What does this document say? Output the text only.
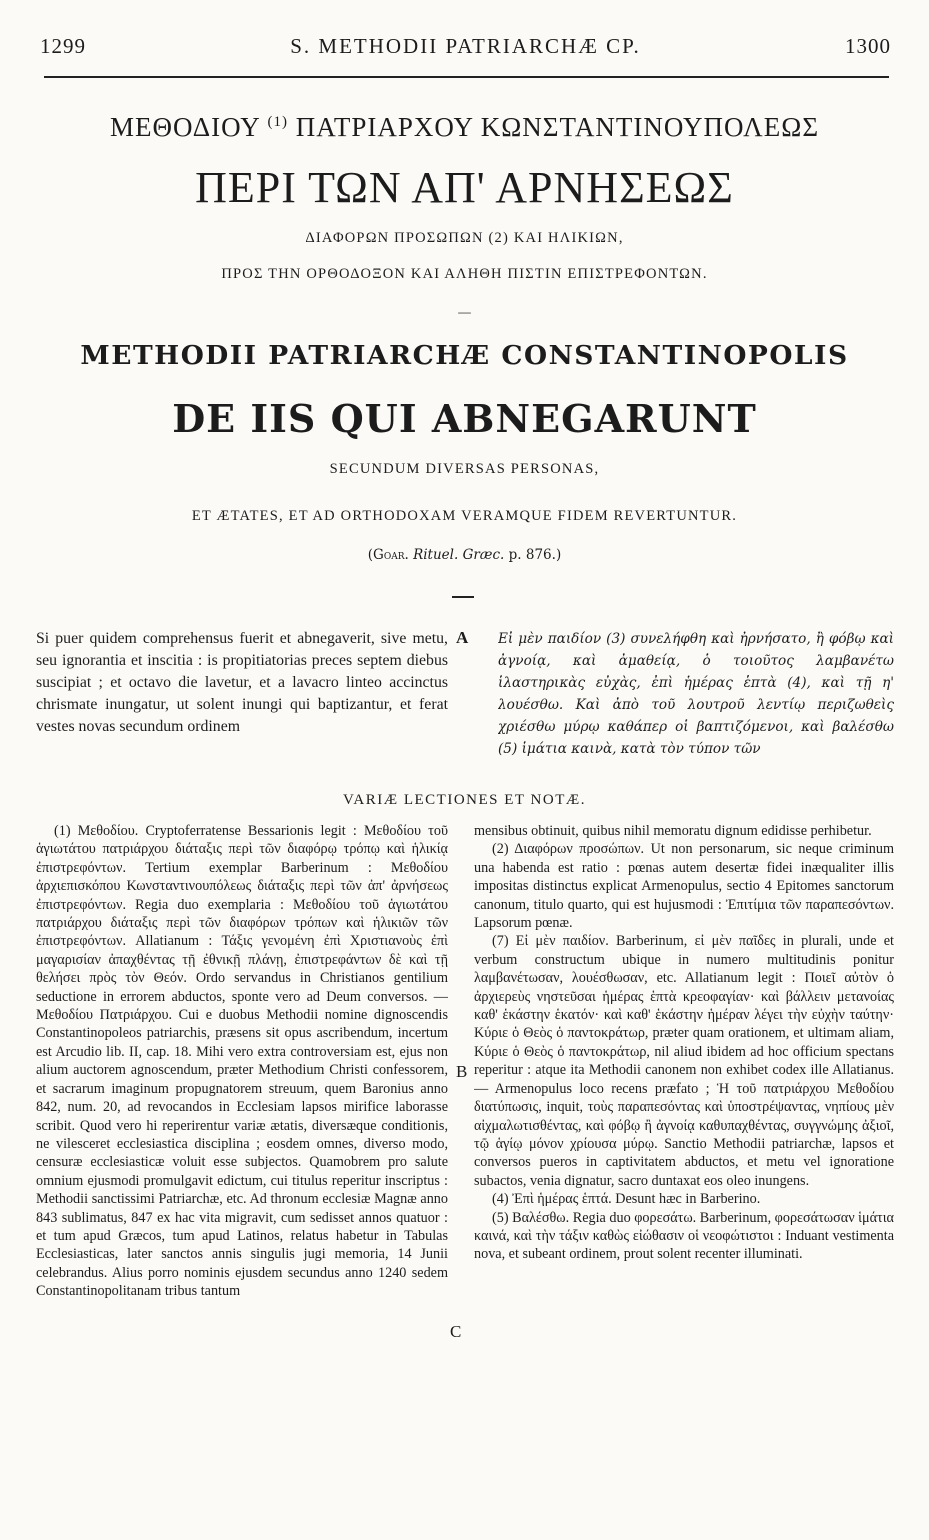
1299	S. METHODII PATRIARCHÆ CP.	1300
ΜΕΘΟΔΙΟΥ $^{(1)}$ ΠΑΤΡΙΑΡΧΟΥ ΚΩΝΣΤΑΝΤΙΝΟΥΠΟΛΕΩΣ
ΠΕΡΙ ΤΩΝ ΑΠ' ΑΡΝΗΣΕΩΣ
ΔΙΑΦΟΡΩΝ ΠΡΟΣΩΠΩΝ (2) ΚΑΙ ΗΛΙΚΙΩΝ,
ΠΡΟΣ ΤΗΝ ΟΡΘΟΔΟΞΟΝ ΚΑΙ ΑΛΗΘΗ ΠΙΣΤΙΝ ΕΠΙΣΤΡΕΦΟΝΤΩΝ.
—
METHODII PATRIARCHÆ CONSTANTINOPOLIS
DE IIS QUI ABNEGARUNT
SECUNDUM DIVERSAS PERSONAS,
ET ÆTATES, ET AD ORTHODOXAM VERAMQUE FIDEM REVERTUNTUR.
(Goar. Rituel. Græc. p. 876.)
Si puer quidem comprehensus fuerit et abnegaverit, sive metu, seu ignorantia et inscitia : is propitiatorias preces septem diebus suscipiat ; et octavo die lavetur, et a lavacro linteo accinctus chrismate inungatur, ut solent inungi qui baptizantur, et ferat vestes novas secundum ordinem
A Εἰ μὲν παιδίον (3) συνελήφθη καὶ ἠρνήσατο, ἢ φόβῳ καὶ ἀγνοίᾳ, καὶ ἀμαθείᾳ, ὁ τοιοῦτος λαμβανέτω ἱλαστηρικὰς εὐχὰς, ἐπὶ ἡμέρας ἑπτὰ (4), καὶ τῇ η' λουέσθω. Καὶ ἀπὸ τοῦ λουτροῦ λεντίῳ περιζωθεὶς χριέσθω μύρῳ καθάπερ οἱ βαπτιζόμενοι, καὶ βαλέσθω (5) ἱμάτια καινὰ, κατὰ τὸν τύπον τῶν
VARIÆ LECTIONES ET NOTÆ.

(1) Μεθοδίου. Cryptoferratense Bessarionis legit : Μεθοδίου τοῦ ἁγιωτάτου πατριάρχου διάταξις περὶ τῶν διαφόρῳ τρόπῳ καὶ ἡλικίᾳ ἐπιστρεφόντων. Tertium exemplar Barberinum : Μεθοδίου ἀρχιεπισκόπου Κωνσταντινουπόλεως διάταξις περὶ τῶν ἀπ' ἀρνήσεως ἐπιστρεφόντων. Regia duo exemplaria : Μεθοδίου τοῦ ἁγιωτάτου πατριάρχου διάταξις περὶ τῶν διαφόρων τρόπων καὶ ἡλικιῶν τῶν ἐπιστρεφόντων. Allatianum : Τάξις γενομένη ἐπὶ Χριστιανοὺς ἐπὶ μαγαρισίαν ἀπαχθέντας τῇ ἐθνικῇ πλάνῃ, ἐπιστρεφάντων δὲ καὶ τῇ θελήσει πρὸς τὸν Θεόν. Ordo servandus in Christianos gentilium seductione in errorem abductos, sponte vero ad Deum conversos. — Μεθοδίου Πατριάρχου. Cui e duobus Methodii nomine dignoscendis Constantinopoleos patriarchis, præsens sit opus ascribendum, incertum est Arcudio lib. II, cap. 18. Mihi vero extra controversiam est, ejus non alium auctorem agnoscendum, præter Methodium Christi confessorem, et sacrarum imaginum propugnatorem streuum, quem Baronius anno 842, num. 20, ad revocandos in Ecclesiam lapsos mirifice laborasse scribit. Quod vero hi reperirentur variæ ætatis, diversæque conditionis, ne vilesceret ecclesiastica disciplina ; eosdem omnes, diverso modo, censuræ ecclesiasticæ voluit esse subjectos. Quamobrem pro salute omnium ejusmodi promulgavit edictum, cui titulus reperitur inscriptus : Methodii sanctissimi Patriarchæ, etc. Ad thronum ecclesiæ Magnæ anno 843 sublimatus, 847 ex hac vita migravit, cum sedisset annos quatuor : et tum apud Græcos, tum apud Latinos, relatus habetur in Tabulas Ecclesiasticas, later sanctos annis singulis jugi memoria, 14 Junii celebrandus. Alius porro nominis ejusdem secundus anno 1240 sedem Constantinopolitanam tribus tantum

B
C

mensibus obtinuit, quibus nihil memoratu dignum edidisse perhibetur.

(2) Διαφόρων προσώπων. Ut non personarum, sic neque criminum una habenda est ratio : pœnas autem desertæ fidei inæqualiter illis impositas distinctus explicat Armenopulus, sectio 4 Epitomes sanctorum canonum, titulo quarto, qui est hujusmodi : Ἐπιτίμια τῶν παραπεσόντων. Lapsorum pœnæ.

(7) Εἰ μὲν παιδίον. Barberinum, εἰ μὲν παῖδες in plurali, unde et verbum constructum ubique in numero multitudinis ponitur λαμβανέτωσαν, λουέσθωσαν, etc. Allatianum legit : Ποιεῖ αὐτὸν ὁ ἀρχιερεὺς νηστεῦσαι ἡμέρας ἑπτὰ κρεοφαγίαν· καὶ βάλλειν μετανοίας καθ' ἑκάστην ἑκατόν· καὶ καθ' ἑκάστην ἡμέραν λέγει τὴν εὐχὴν ταύτην· Κύριε ὁ Θεὸς ὁ παντοκράτωρ, præter quam orationem, et ultimam aliam, Κύριε ὁ Θεὸς ὁ παντοκράτωρ, nil aliud ibidem ad hoc officium spectans reperitur : atque ita Methodii canonem non exhibet codex ille Allatianus. — Armenopulus loco recens præfato ; Ἡ τοῦ πατριάρχου Μεθοδίου διατύπωσις, inquit, τοὺς παραπεσόντας καὶ ὑποστρέψαντας, νηπίους μὲν αἰχμαλωτισθέντας, καὶ φόβῳ ἢ ἀγνοίᾳ καθυπαχθέντας, συγγνώμης ἀξιοῖ, τῷ ἁγίῳ μόνον χρίουσα μύρῳ. Sanctio Methodii patriarchæ, lapsos et conversos pueros in captivitatem abductos, et metu vel ignoratione subactos, venia dignatur, sacro duntaxat eos oleo inungens.

(4) Ἐπὶ ἡμέρας ἑπτά. Desunt hæc in Barberino.

(5) Βαλέσθω. Regia duo φορεσάτω. Barberinum, φορεσάτωσαν ἱμάτια καινά, καὶ τὴν τάξιν καθὼς εἰώθασιν οἱ νεοφώτιστοι : Induant vestimenta nova, et subeant ordinem, prout solent recenter illuminati.
